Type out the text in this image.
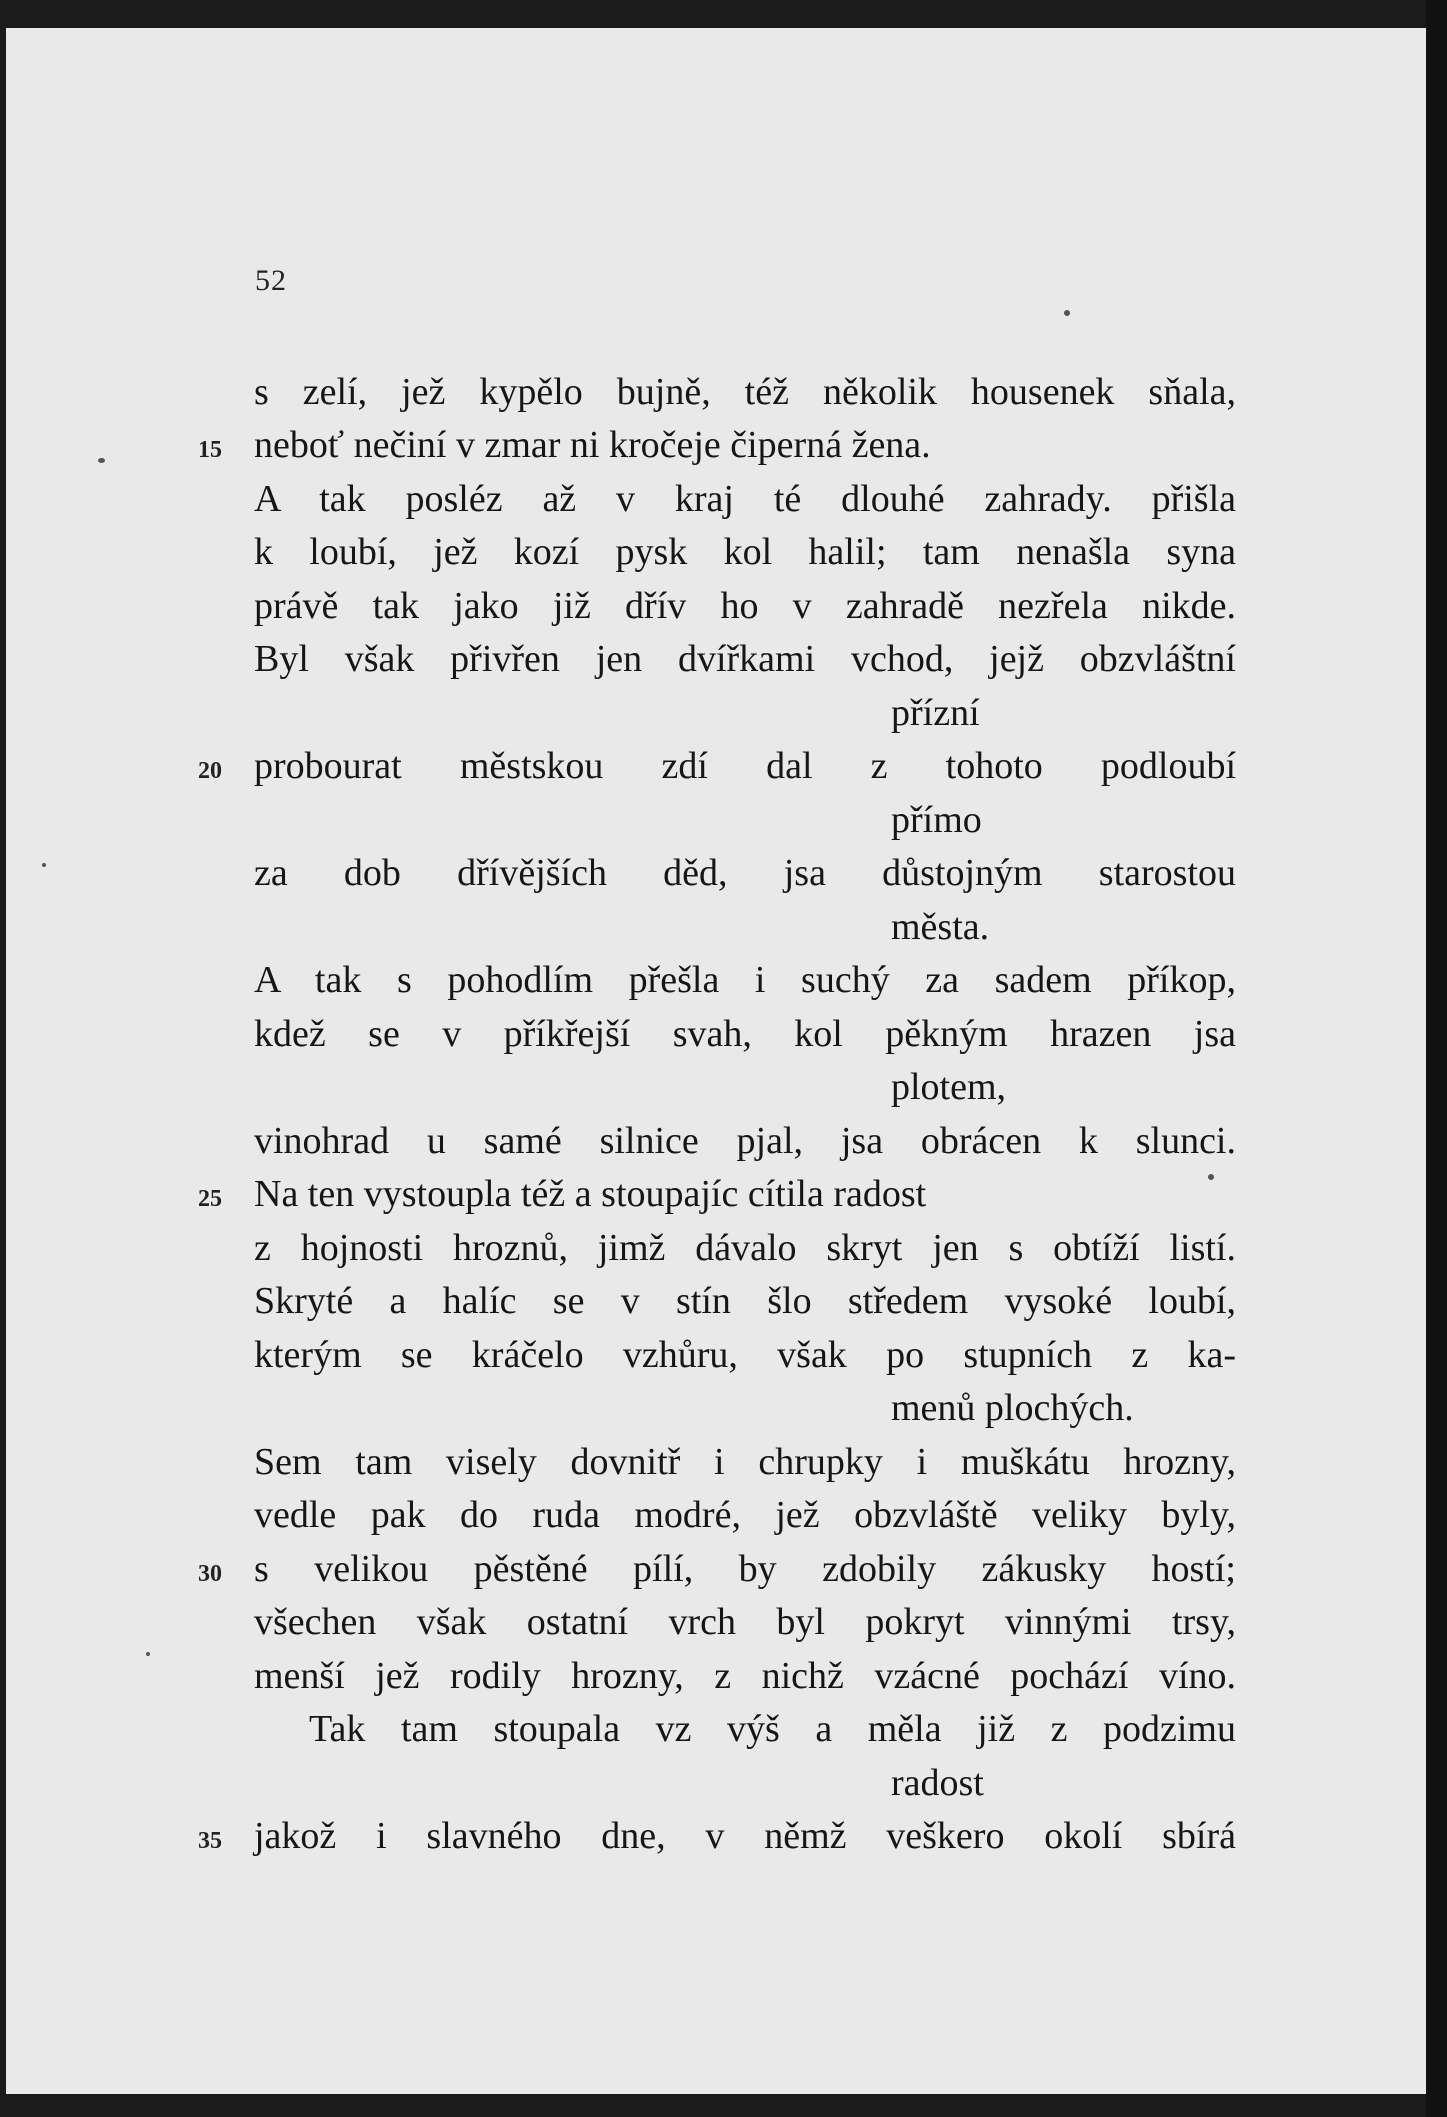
52
s zelí, jež kypělo bujně, též několik housenek sňala,
15 neboť nečiní v zmar ni kročeje čiperná žena.
A tak posléz až v kraj té dlouhé zahrady. přišla
k loubí, jež kozí pysk kol halil; tam nenašla syna
právě tak jako již dřív ho v zahradě nezřela nikde.
Byl však přivřen jen dvířkami vchod, jejž obzvláštní
přízní
20 probourat městskou zdí dal z tohoto podloubí
přímo
za dob dřívějších děd, jsa důstojným starostou
města.
A tak s pohodlím přešla i suchý za sadem příkop,
kdež se v příkřejší svah, kol pěkným hrazen jsa
plotem,
vinohrad u samé silnice pjal, jsa obrácen k slunci.
25 Na ten vystoupla též a stoupajíc cítila radost
z hojnosti hroznů, jimž dávalo skryt jen s obtíží listí.
Skryté a halíc se v stín šlo středem vysoké loubí,
kterým se kráčelo vzhůru, však po stupních z ka-
menů plochých.
Sem tam visely dovnitř i chrupky i muškátu hrozny,
vedle pak do ruda modré, jež obzvláště veliky byly,
30 s velikou pěstěné pílí, by zdobily zákusky hostí;
všechen však ostatní vrch byl pokryt vinnými trsy,
menší jež rodily hrozny, z nichž vzácné pochází víno.
Tak tam stoupala vz výš a měla již z podzimu
radost
35 jakož i slavného dne, v němž veškero okolí sbírá
